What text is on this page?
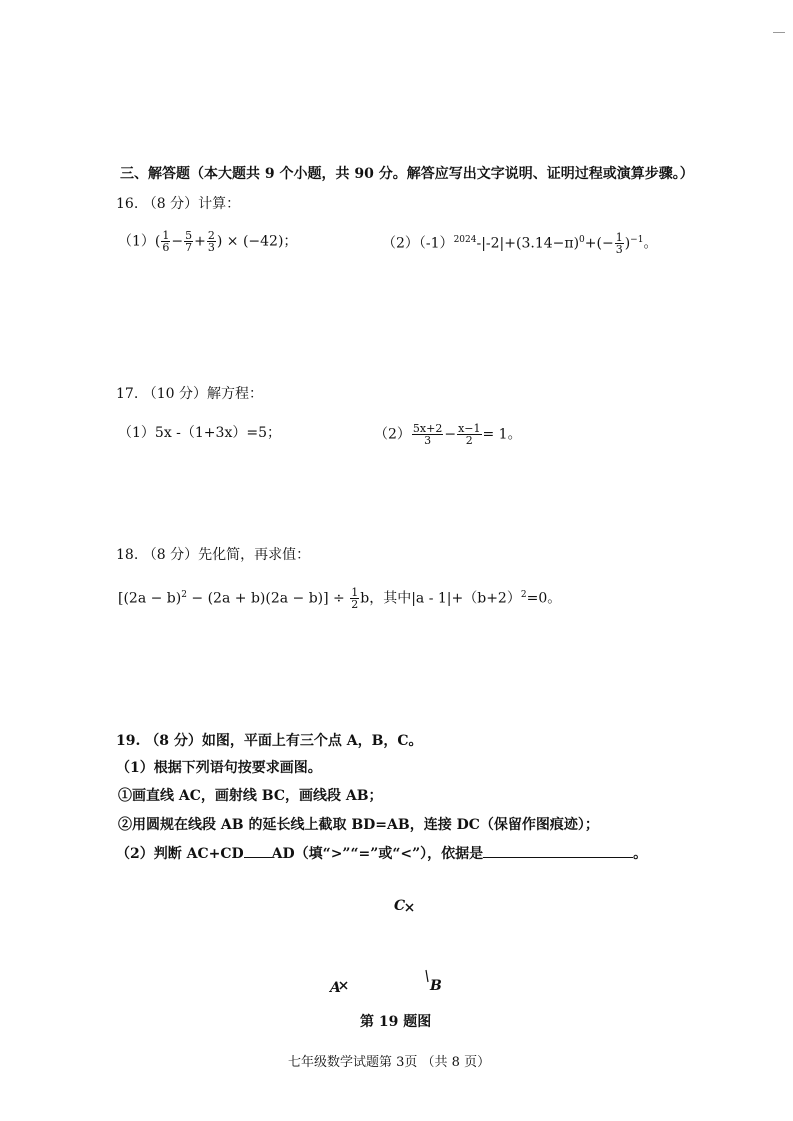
三、解答题（本大题共 9 个小题，共 90 分。解答应写出文字说明、证明过程或演算步骤。）
16. （8 分）计算：
$(1)( \frac{1}{6} - \frac{5}{7} + \frac{2}{3}$ ) × (−42)；	$(2)(-1)^{2024}-|-2|+(3.14-\pi)^0+(- \frac{1}{3} )^{-1}$。
17. （10 分）解方程：
（1）5x -（1+3x）=5；	$(2) \frac{5x+2}{3} - \frac{x-1}{2} = 1$。
18. （8 分）先化简，再求值：
$[(2a - b)^2 - (2a + b)(2a - b)] \div \frac{1}{2}$ b，其中$|a - 1|+(b+2)^2=0$。
19. （8 分）如图，平面上有三个点 A，B，C。
（1）根据下列语句按要求画图。
①画直线 AC，画射线 BC，画线段 AB；
②用圆规在线段 AB 的延长线上截取 BD=AB，连接 DC（保留作图痕迹）；
（2）判断 AC+CD AD（填“>”“=”或“<”），依据是	。
C
A	B
第 19 题图
七年级数学试题第 3页 （共 8 页）
